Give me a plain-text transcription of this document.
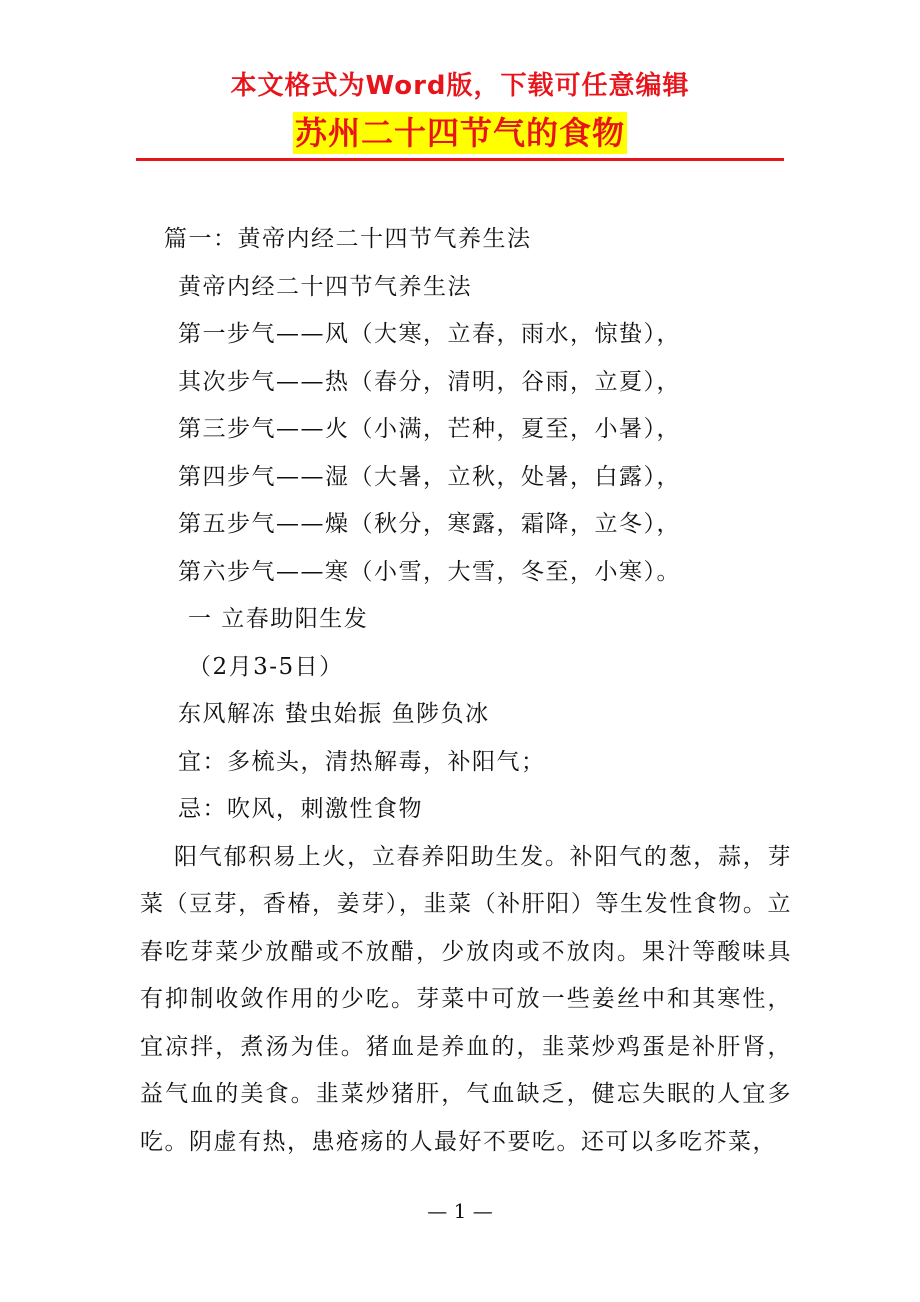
本文格式为Word版，下载可任意编辑
苏州二十四节气的食物
篇一：黄帝内经二十四节气养生法
黄帝内经二十四节气养生法
第一步气——风（大寒，立春，雨水，惊蛰），
其次步气——热（春分，清明，谷雨，立夏），
第三步气——火（小满，芒种，夏至，小暑），
第四步气——湿（大暑，立秋，处暑，白露），
第五步气——燥（秋分，寒露，霜降，立冬），
第六步气——寒（小雪，大雪，冬至，小寒）。
一 立春助阳生发
（2月3-5日）
东风解冻 蛰虫始振 鱼陟负冰
宜：多梳头，清热解毒，补阳气；
忌：吹风，刺激性食物
阳气郁积易上火，立春养阳助生发。补阳气的葱，蒜，芽菜（豆芽，香椿，姜芽），韭菜（补肝阳）等生发性食物。立春吃芽菜少放醋或不放醋，少放肉或不放肉。果汁等酸味具有抑制收敛作用的少吃。芽菜中可放一些姜丝中和其寒性，宜凉拌，煮汤为佳。猪血是养血的，韭菜炒鸡蛋是补肝肾，益气血的美食。韭菜炒猪肝，气血缺乏，健忘失眠的人宜多吃。阴虚有热，患疮疡的人最好不要吃。还可以多吃芥菜，
— 1 —
